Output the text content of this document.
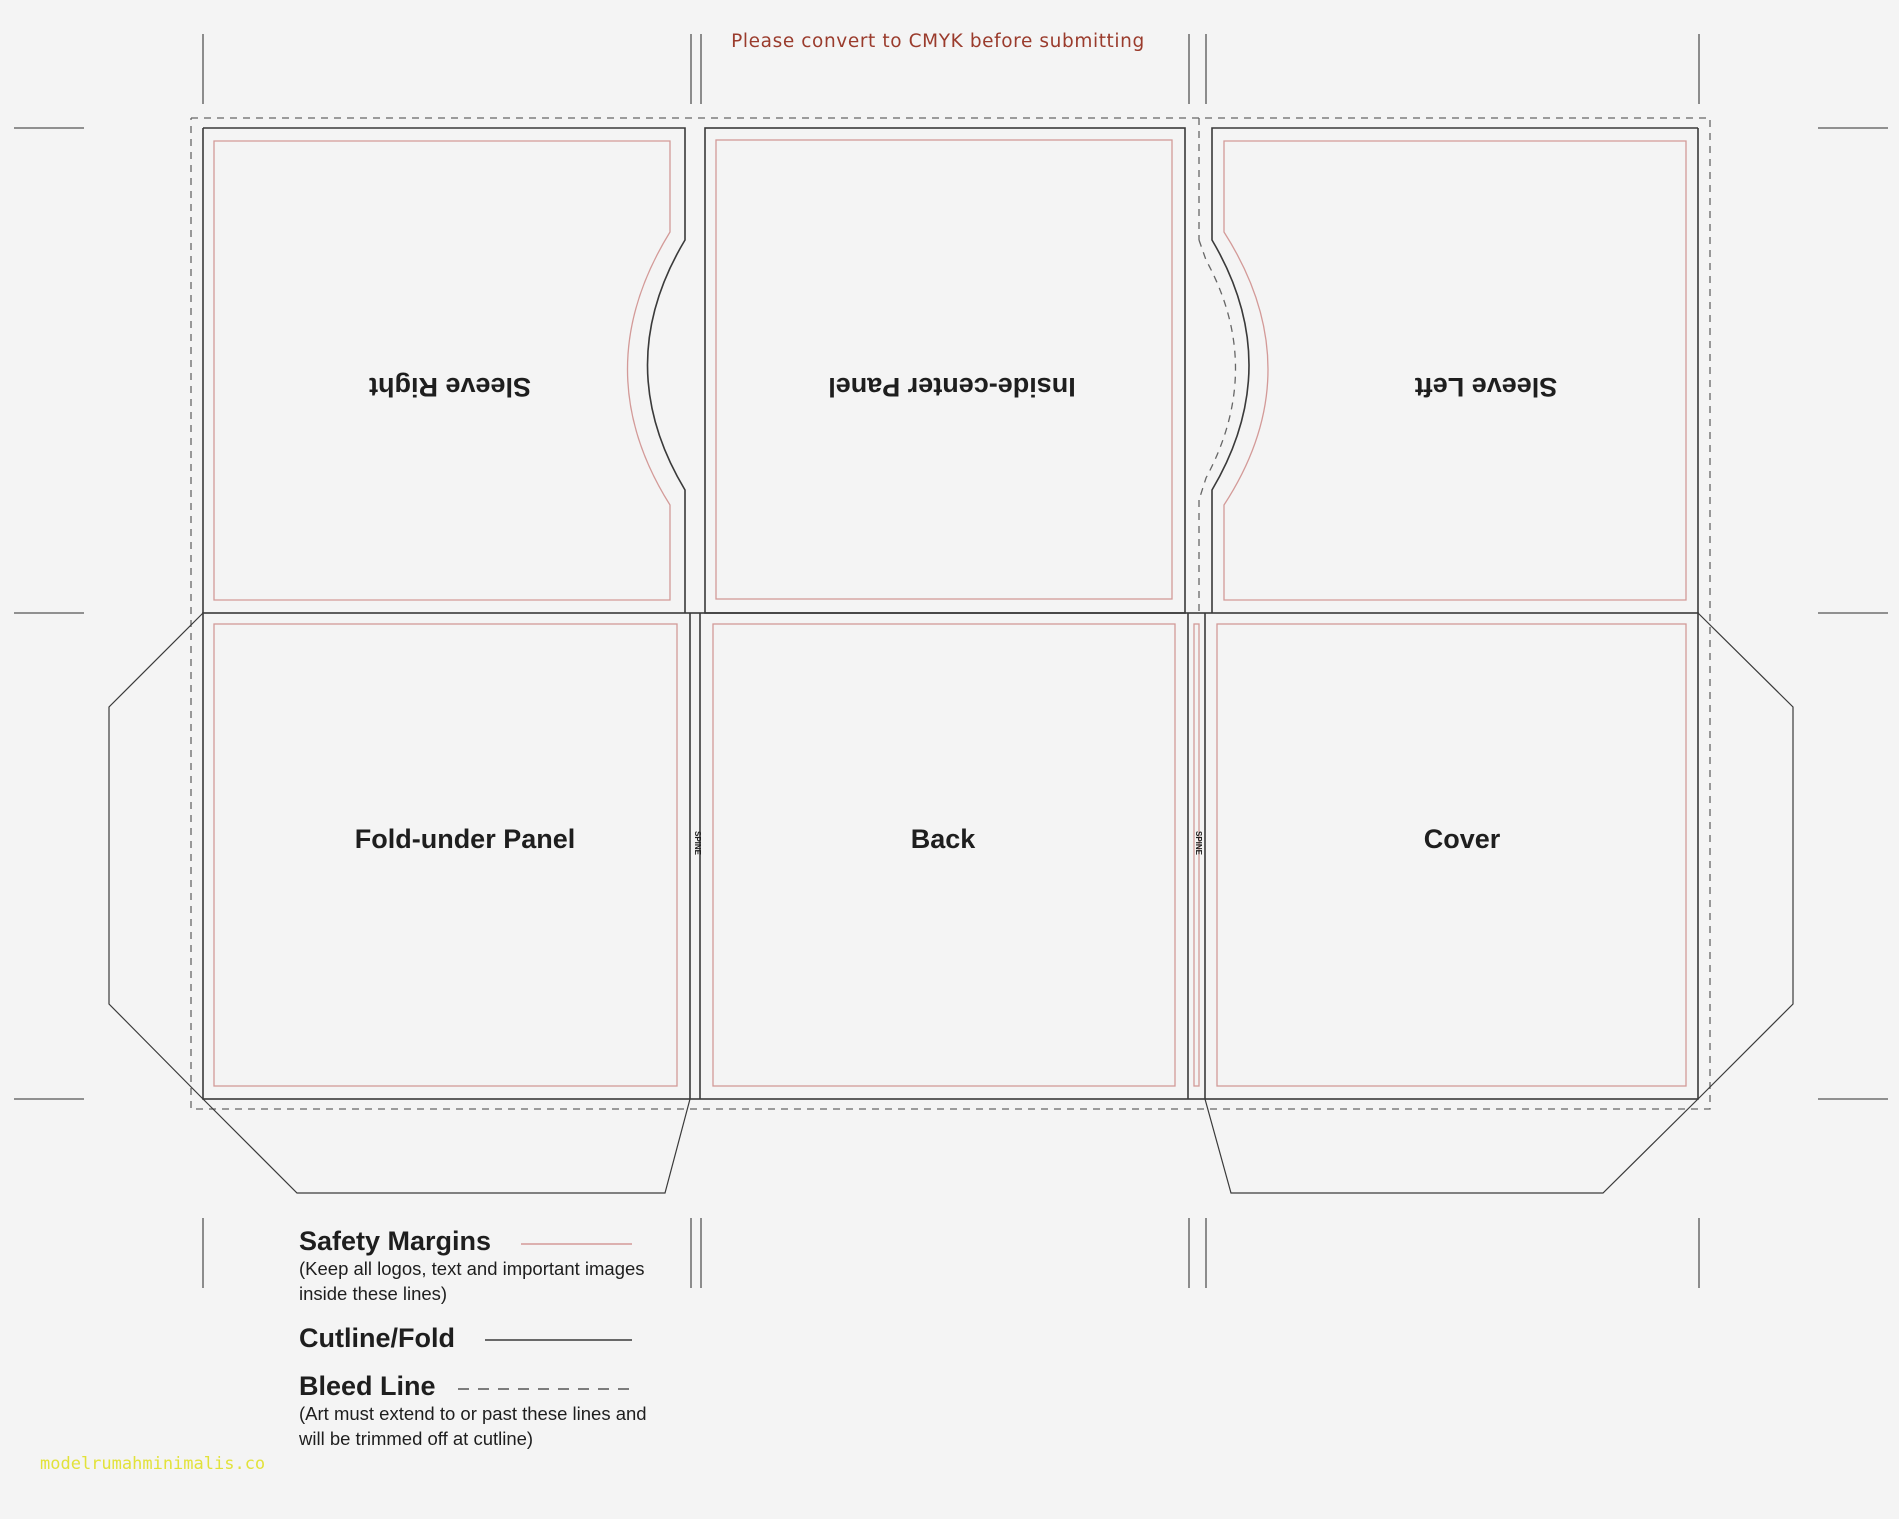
Please convert to CMYK before submitting
Sleeve Right	Inside-center Panel	Sleeve Left
Fold-under Panel	Back	Cover
SPINE	SPINE
Safety Margins
(Keep all logos, text and important images inside these lines)
Cutline/Fold
Bleed Line
(Art must extend to or past these lines and will be trimmed off at cutline)
modelrumahminimalis.co
